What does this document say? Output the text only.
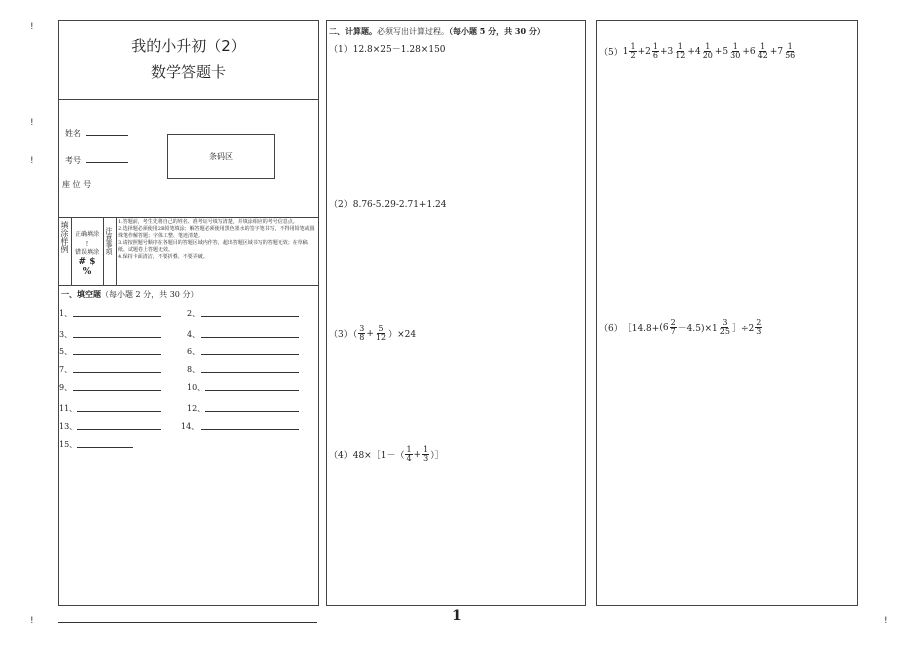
!
!
!
!	!
我的小升初（2）
数学答题卡
姓名
考号
座 位 号
条码区
填涂样例 正确填涂
!
错误填涂
# $ %
注意事项
1.答题前，考生先将自己的姓名、准考证号填写清楚，并填涂相应的考号信息点。
2.选择题必须使用2B铅笔填涂；解答题必须使用黑色墨水的签字笔书写，不得用铅笔或圆珠笔作解答题；字体工整、笔迹清楚。
3.请按照题号顺序在各题目的答题区域内作答，超出答题区域书写的答题无效；在草稿纸、试题卷上答题无效。
4.保持卡面清洁，不要折叠、不要弄破。
一、填空题（每小题 2 分，共 30 分）
1、
3、
5、
7、
9、
11、
13、
15、
2、
4、
6、
8、
10、
12、
14、
二、计算题。必须写出计算过程。（每小题 5 分，共 30 分）
（1）12.8×25－1.28×150
（2）8.76-5.29-2.71+1.24
$(3)( \frac{3}{8} + \frac{5}{12} )\times 24$
（4）48×［1－（ $\frac{1}{4} + \frac{1}{3}$ ）］
1
（5） $1 \frac{1}{2} + 2 \frac{1}{6} + 3 \frac{1}{12} + 4 \frac{1}{20} + 5 \frac{1}{30} + 6 \frac{1}{42} + 7 \frac{1}{56}$
（6） ［14.8+ $(6 \frac{2}{7} -4.5)\times 1 \frac{3}{25}$ ］÷2 $\frac{2}{3}$
